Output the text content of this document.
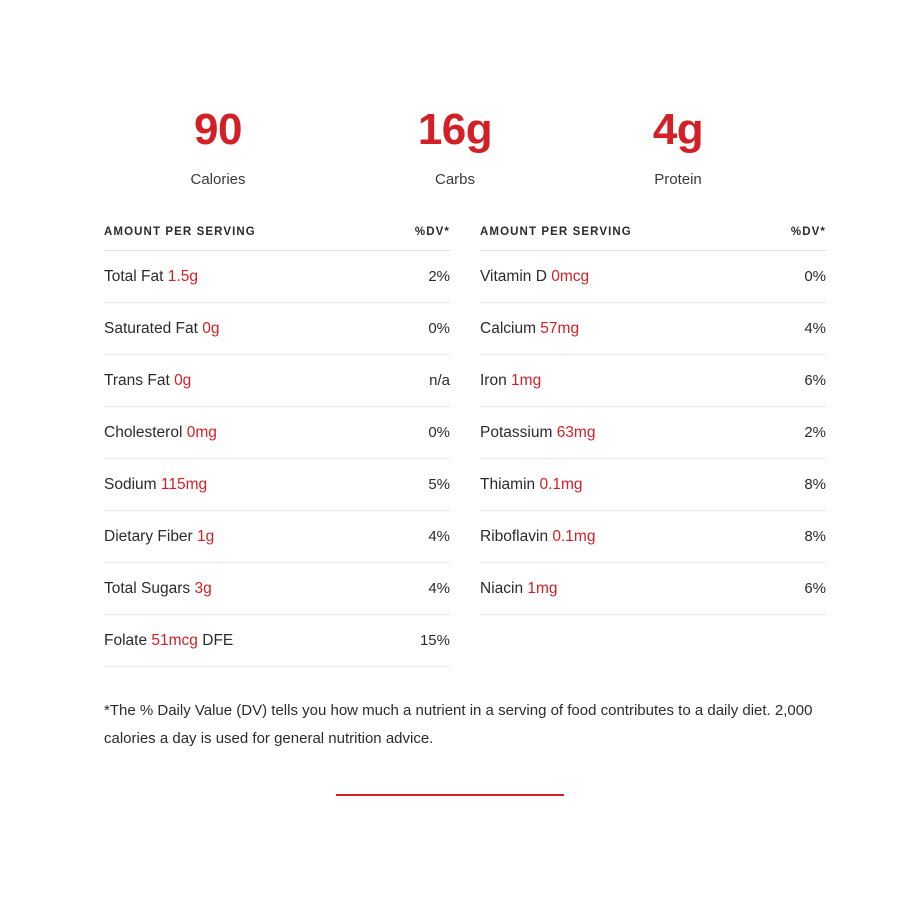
90
Calories
16g
Carbs
4g
Protein
AMOUNT PER SERVING	%DV*
Total Fat 1.5g	2%
Saturated Fat 0g	0%
Trans Fat 0g	n/a
Cholesterol 0mg	0%
Sodium 115mg	5%
Dietary Fiber 1g	4%
Total Sugars 3g	4%
Folate 51mcg DFE	15%
AMOUNT PER SERVING	%DV*
Vitamin D 0mcg	0%
Calcium 57mg	4%
Iron 1mg	6%
Potassium 63mg	2%
Thiamin 0.1mg	8%
Riboflavin 0.1mg	8%
Niacin 1mg	6%
*The % Daily Value (DV) tells you how much a nutrient in a serving of food contributes to a daily diet. 2,000 calories a day is used for general nutrition advice.
